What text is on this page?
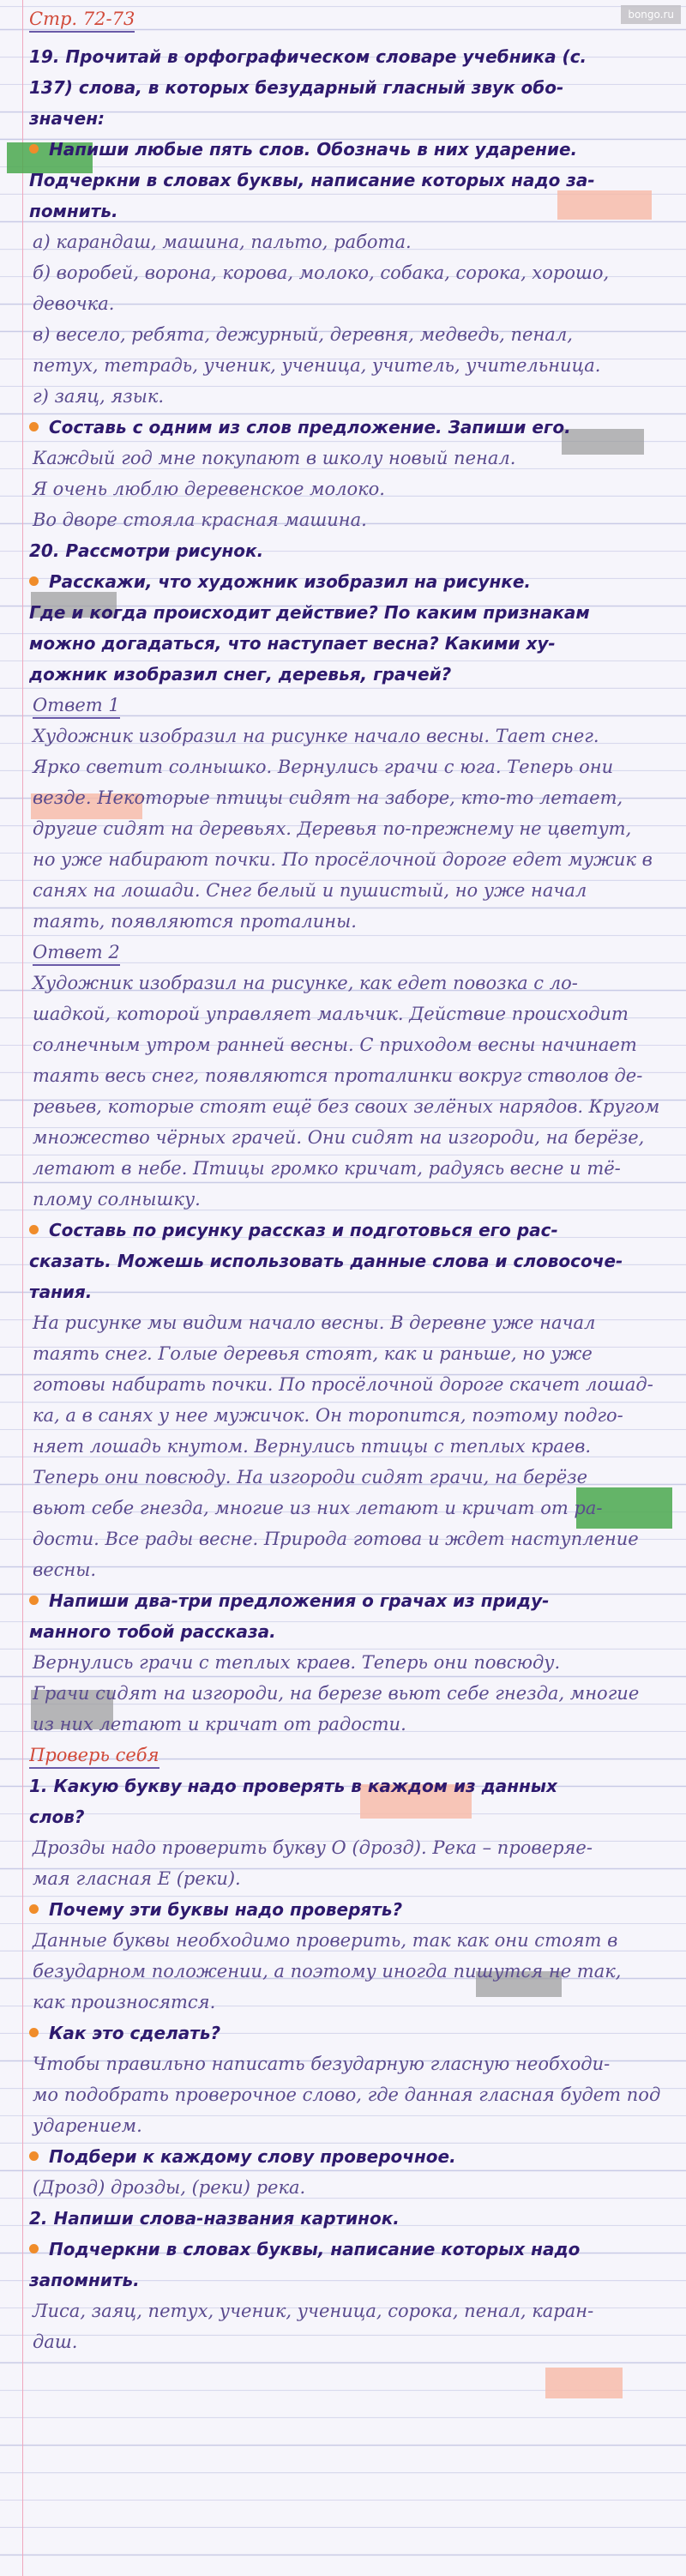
bongo.ru
Стр. 72-73
19. Прочитай в орфографическом словаре учебника (с.
137) слова, в которых безударный гласный звук обо-
значен:
Напиши любые пять слов. Обозначь в них ударение.
Подчеркни в словах буквы, написание которых надо за-
помнить.
а) карандаш, машина, пальто, работа.
б) воробей, ворона, корова, молоко, собака, сорока, хорошо,
девочка.
в) весело, ребята, дежурный, деревня, медведь, пенал,
петух, тетрадь, ученик, ученица, учитель, учительница.
г) заяц, язык.
Составь с одним из слов предложение. Запиши его.
Каждый год мне покупают в школу новый пенал.
Я очень люблю деревенское молоко.
Во дворе стояла красная машина.
20. Рассмотри рисунок.
Расскажи, что художник изобразил на рисунке.
Где и когда происходит действие? По каким признакам
можно догадаться, что наступает весна? Какими ху-
дожник изобразил снег, деревья, грачей?
Ответ 1
Художник изобразил на рисунке начало весны. Тает снег.
Ярко светит солнышко. Вернулись грачи с юга. Теперь они
везде. Некоторые птицы сидят на заборе, кто-то летает,
другие сидят на деревьях. Деревья по-прежнему не цветут,
но уже набирают почки. По просёлочной дороге едет мужик в
санях на лошади. Снег белый и пушистый, но уже начал
таять, появляются проталины.
Ответ 2
Художник изобразил на рисунке, как едет повозка с ло-
шадкой, которой управляет мальчик. Действие происходит
солнечным утром ранней весны. С приходом весны начинает
таять весь снег, появляются проталинки вокруг стволов де-
ревьев, которые стоят ещё без своих зелёных нарядов. Кругом
множество чёрных грачей. Они сидят на изгороди, на берёзе,
летают в небе. Птицы громко кричат, радуясь весне и тё-
плому солнышку.
Составь по рисунку рассказ и подготовься его рас-
сказать. Можешь использовать данные слова и словосоче-
тания.
На рисунке мы видим начало весны. В деревне уже начал
таять снег. Голые деревья стоят, как и раньше, но уже
готовы набирать почки. По просёлочной дороге скачет лошад-
ка, а в санях у нее мужичок. Он торопится, поэтому подго-
няет лошадь кнутом. Вернулись птицы с теплых краев.
Теперь они повсюду. На изгороди сидят грачи, на берёзе
вьют себе гнезда, многие из них летают и кричат от ра-
дости. Все рады весне. Природа готова и ждет наступление
весны.
Напиши два-три предложения о грачах из приду-
манного тобой рассказа.
Вернулись грачи с теплых краев. Теперь они повсюду.
Грачи сидят на изгороди, на березе вьют себе гнезда, многие
из них летают и кричат от радости.
Проверь себя
1. Какую букву надо проверять в каждом из данных
слов?
Дрозды надо проверить букву О (дрозд). Река – проверяе-
мая гласная Е (реки).
Почему эти буквы надо проверять?
Данные буквы необходимо проверить, так как они стоят в
безударном положении, а поэтому иногда пишутся не так,
как произносятся.
Как это сделать?
Чтобы правильно написать безударную гласную необходи-
мо подобрать проверочное слово, где данная гласная будет под
ударением.
Подбери к каждому слову проверочное.
(Дрозд) дрозды, (реки) река.
2. Напиши слова-названия картинок.
Подчеркни в словах буквы, написание которых надо
запомнить.
Лиса, заяц, петух, ученик, ученица, сорока, пенал, каран-
даш.
